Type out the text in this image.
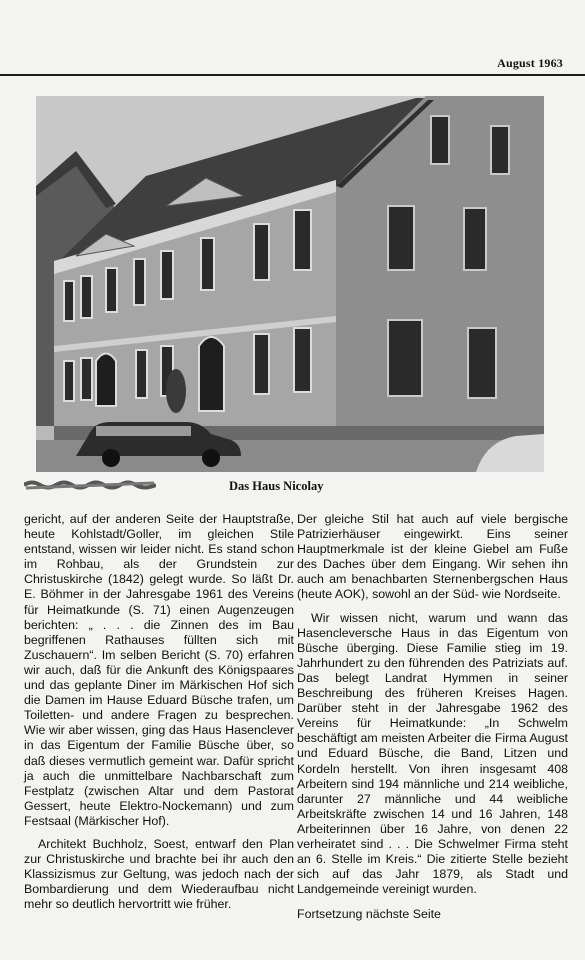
August 1963
Das Haus Nicolay

gericht, auf der anderen Seite der Hauptstraße, heute Kohlstadt/Goller, im gleichen Stile entstand, wissen wir leider nicht. Es stand schon im Rohbau, als der Grundstein zur Christuskirche (1842) gelegt wurde. So läßt Dr. E. Böhmer in der Jahresgabe 1961 des Vereins für Heimatkunde (S. 71) einen Augenzeugen berichten: „ . . . die Zinnen des im Bau begriffenen Rathauses füllten sich mit Zuschauern“. Im selben Bericht (S. 70) erfahren wir auch, daß für die Ankunft des Königspaares und das geplante Diner im Märkischen Hof sich die Damen im Hause Eduard Büsche trafen, um Toiletten- und andere Fragen zu besprechen. Wie wir aber wissen, ging das Haus Hasenclever in das Eigentum der Familie Büsche über, so daß dieses vermutlich gemeint war. Dafür spricht ja auch die unmittelbare Nachbarschaft zum Festplatz (zwischen Altar und dem Pastorat Gessert, heute Elektro-Nockemann) und zum Festsaal (Märkischer Hof).

Architekt Buchholz, Soest, entwarf den Plan zur Christuskirche und brachte bei ihr auch den Klassizismus zur Geltung, was jedoch nach der Bombardierung und dem Wiederaufbau nicht mehr so deutlich hervortritt wie früher.

Der gleiche Stil hat auch auf viele bergische Patrizierhäuser eingewirkt. Eins seiner Hauptmerkmale ist der kleine Giebel am Fuße des Daches über dem Eingang. Wir sehen ihn auch am benachbarten Sternenbergschen Haus (heute AOK), sowohl an der Süd- wie Nordseite.

Wir wissen nicht, warum und wann das Hasencleversche Haus in das Eigentum von Büsche überging. Diese Familie stieg im 19. Jahrhundert zu den führenden des Patriziats auf. Das belegt Landrat Hymmen in seiner Beschreibung des früheren Kreises Hagen. Darüber steht in der Jahresgabe 1962 des Vereins für Heimatkunde: „In Schwelm beschäftigt am meisten Arbeiter die Firma August und Eduard Büsche, die Band, Litzen und Kordeln herstellt. Von ihren insgesamt 408 Arbeitern sind 194 männliche und 214 weibliche, darunter 27 männliche und 44 weibliche Arbeitskräfte zwischen 14 und 16 Jahren, 148 Arbeiterinnen über 16 Jahre, von denen 22 verheiratet sind . . . Die Schwelmer Firma steht an 6. Stelle im Kreis.“ Die zitierte Stelle bezieht sich auf das Jahr 1879, als Stadt und Landgemeinde vereinigt wurden.

Fortsetzung nächste Seite
